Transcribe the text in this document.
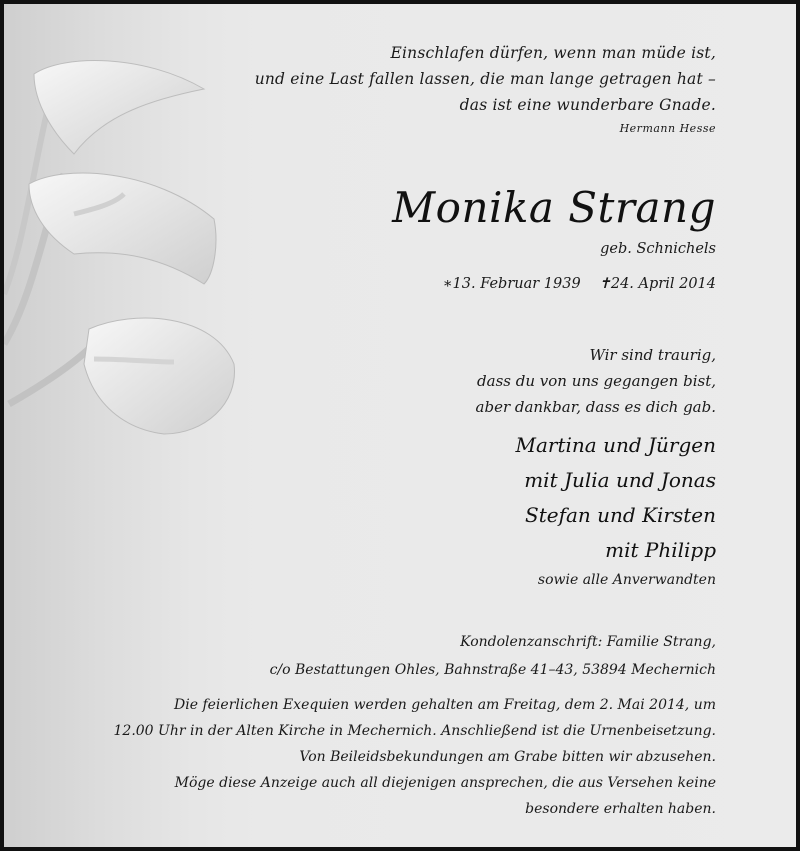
Einschlafen dürfen, wenn man müde ist,
und eine Last fallen lassen, die man lange getragen hat –
das ist eine wunderbare Gnade.
Hermann Hesse
Monika Strang
geb. Schnichels
∗13. Februar 1939 ✝24. April 2014
Wir sind traurig,
dass du von uns gegangen bist,
aber dankbar, dass es dich gab.
Martina und Jürgen
mit Julia und Jonas
Stefan und Kirsten
mit Philipp
sowie alle Anverwandten
Kondolenzanschrift: Familie Strang,
c/o Bestattungen Ohles, Bahnstraße 41–43, 53894 Mechernich
Die feierlichen Exequien werden gehalten am Freitag, dem 2. Mai 2014, um
12.00 Uhr in der Alten Kirche in Mechernich. Anschließend ist die Urnenbeisetzung.
Von Beileidsbekundungen am Grabe bitten wir abzusehen.
Möge diese Anzeige auch all diejenigen ansprechen, die aus Versehen keine
besondere erhalten haben.
